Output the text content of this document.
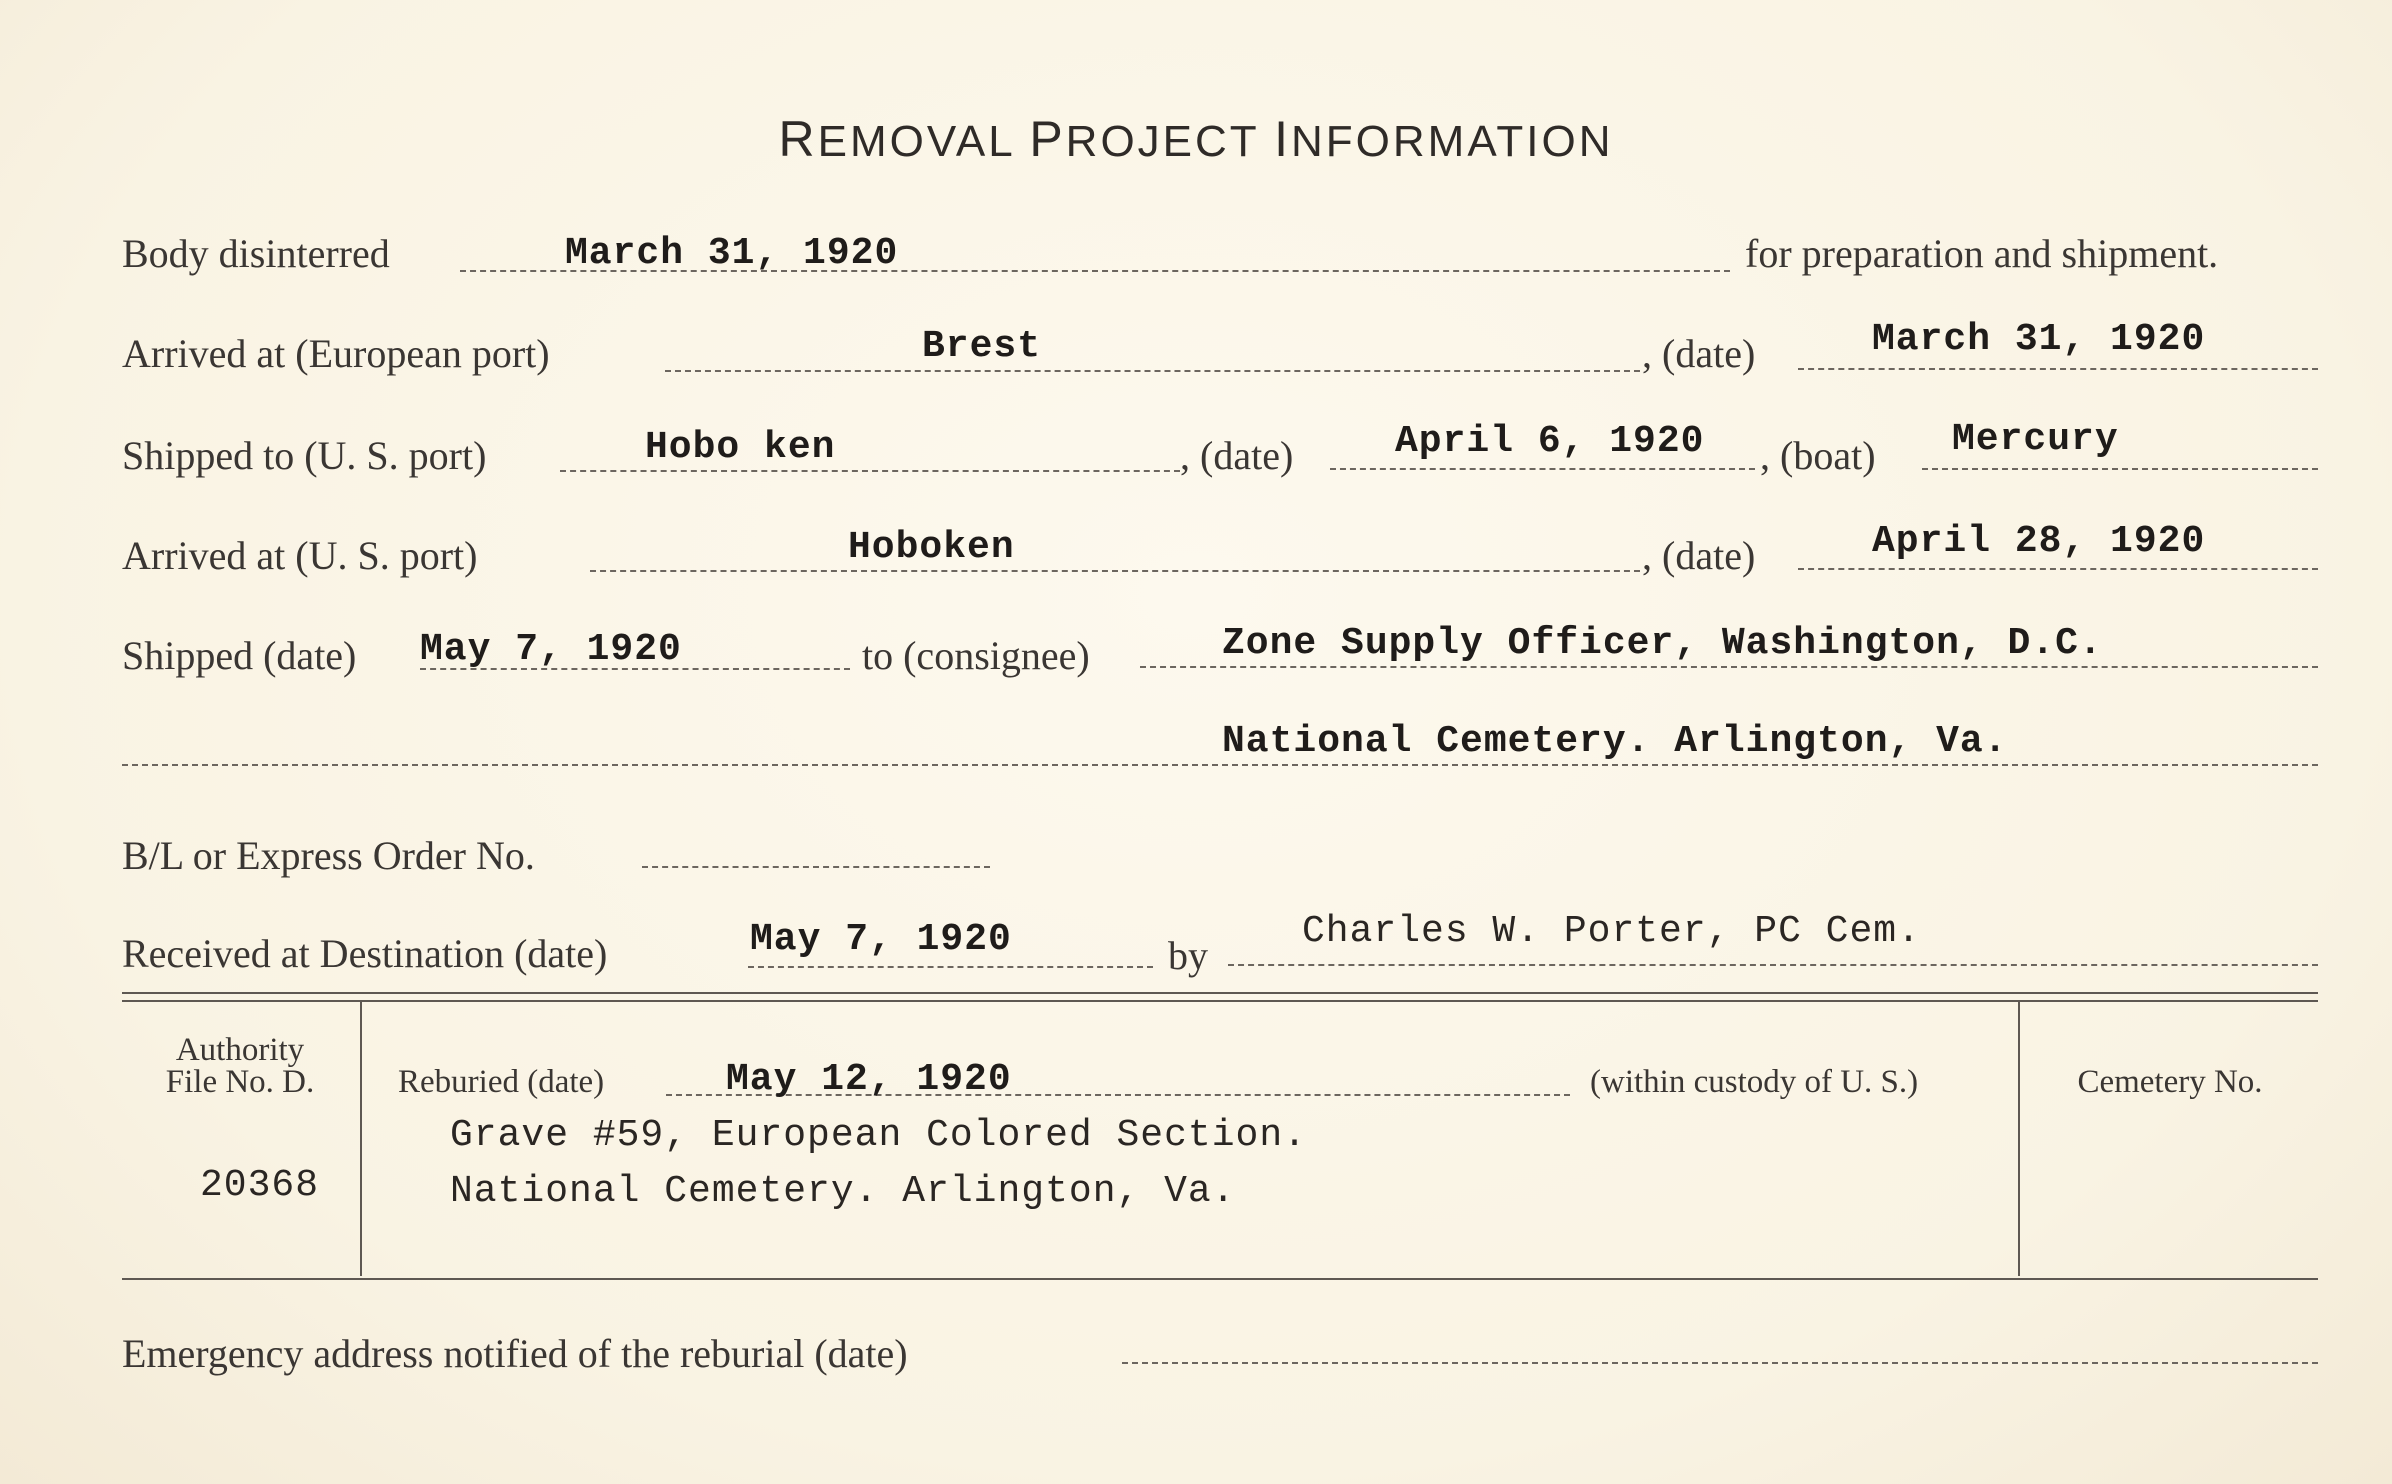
REMOVAL PROJECT INFORMATION
Body disinterred	March 31, 1920	for preparation and shipment.
Arrived at (European port)	Brest	, (date)	March 31, 1920
Shipped to (U. S. port)	Hobo ken	, (date)	April 6, 1920 , (boat) Mercury
Arrived at (U. S. port)	Hoboken	, (date)	April 28, 1920
Shipped (date) May 7, 1920	to (consignee)	Zone Supply Officer, Washington, D.C.
National Cemetery. Arlington, Va.
B/L or Express Order No.
Received at Destination (date)	May 7, 1920	by
Charles W. Porter, PC Cem.
Authority
File No. D.
20368
Reburied (date)	May 12, 1920	(within custody of U. S.)
Grave #59, European Colored Section.
National Cemetery. Arlington, Va.
Cemetery No.
Emergency address notified of the reburial (date)
